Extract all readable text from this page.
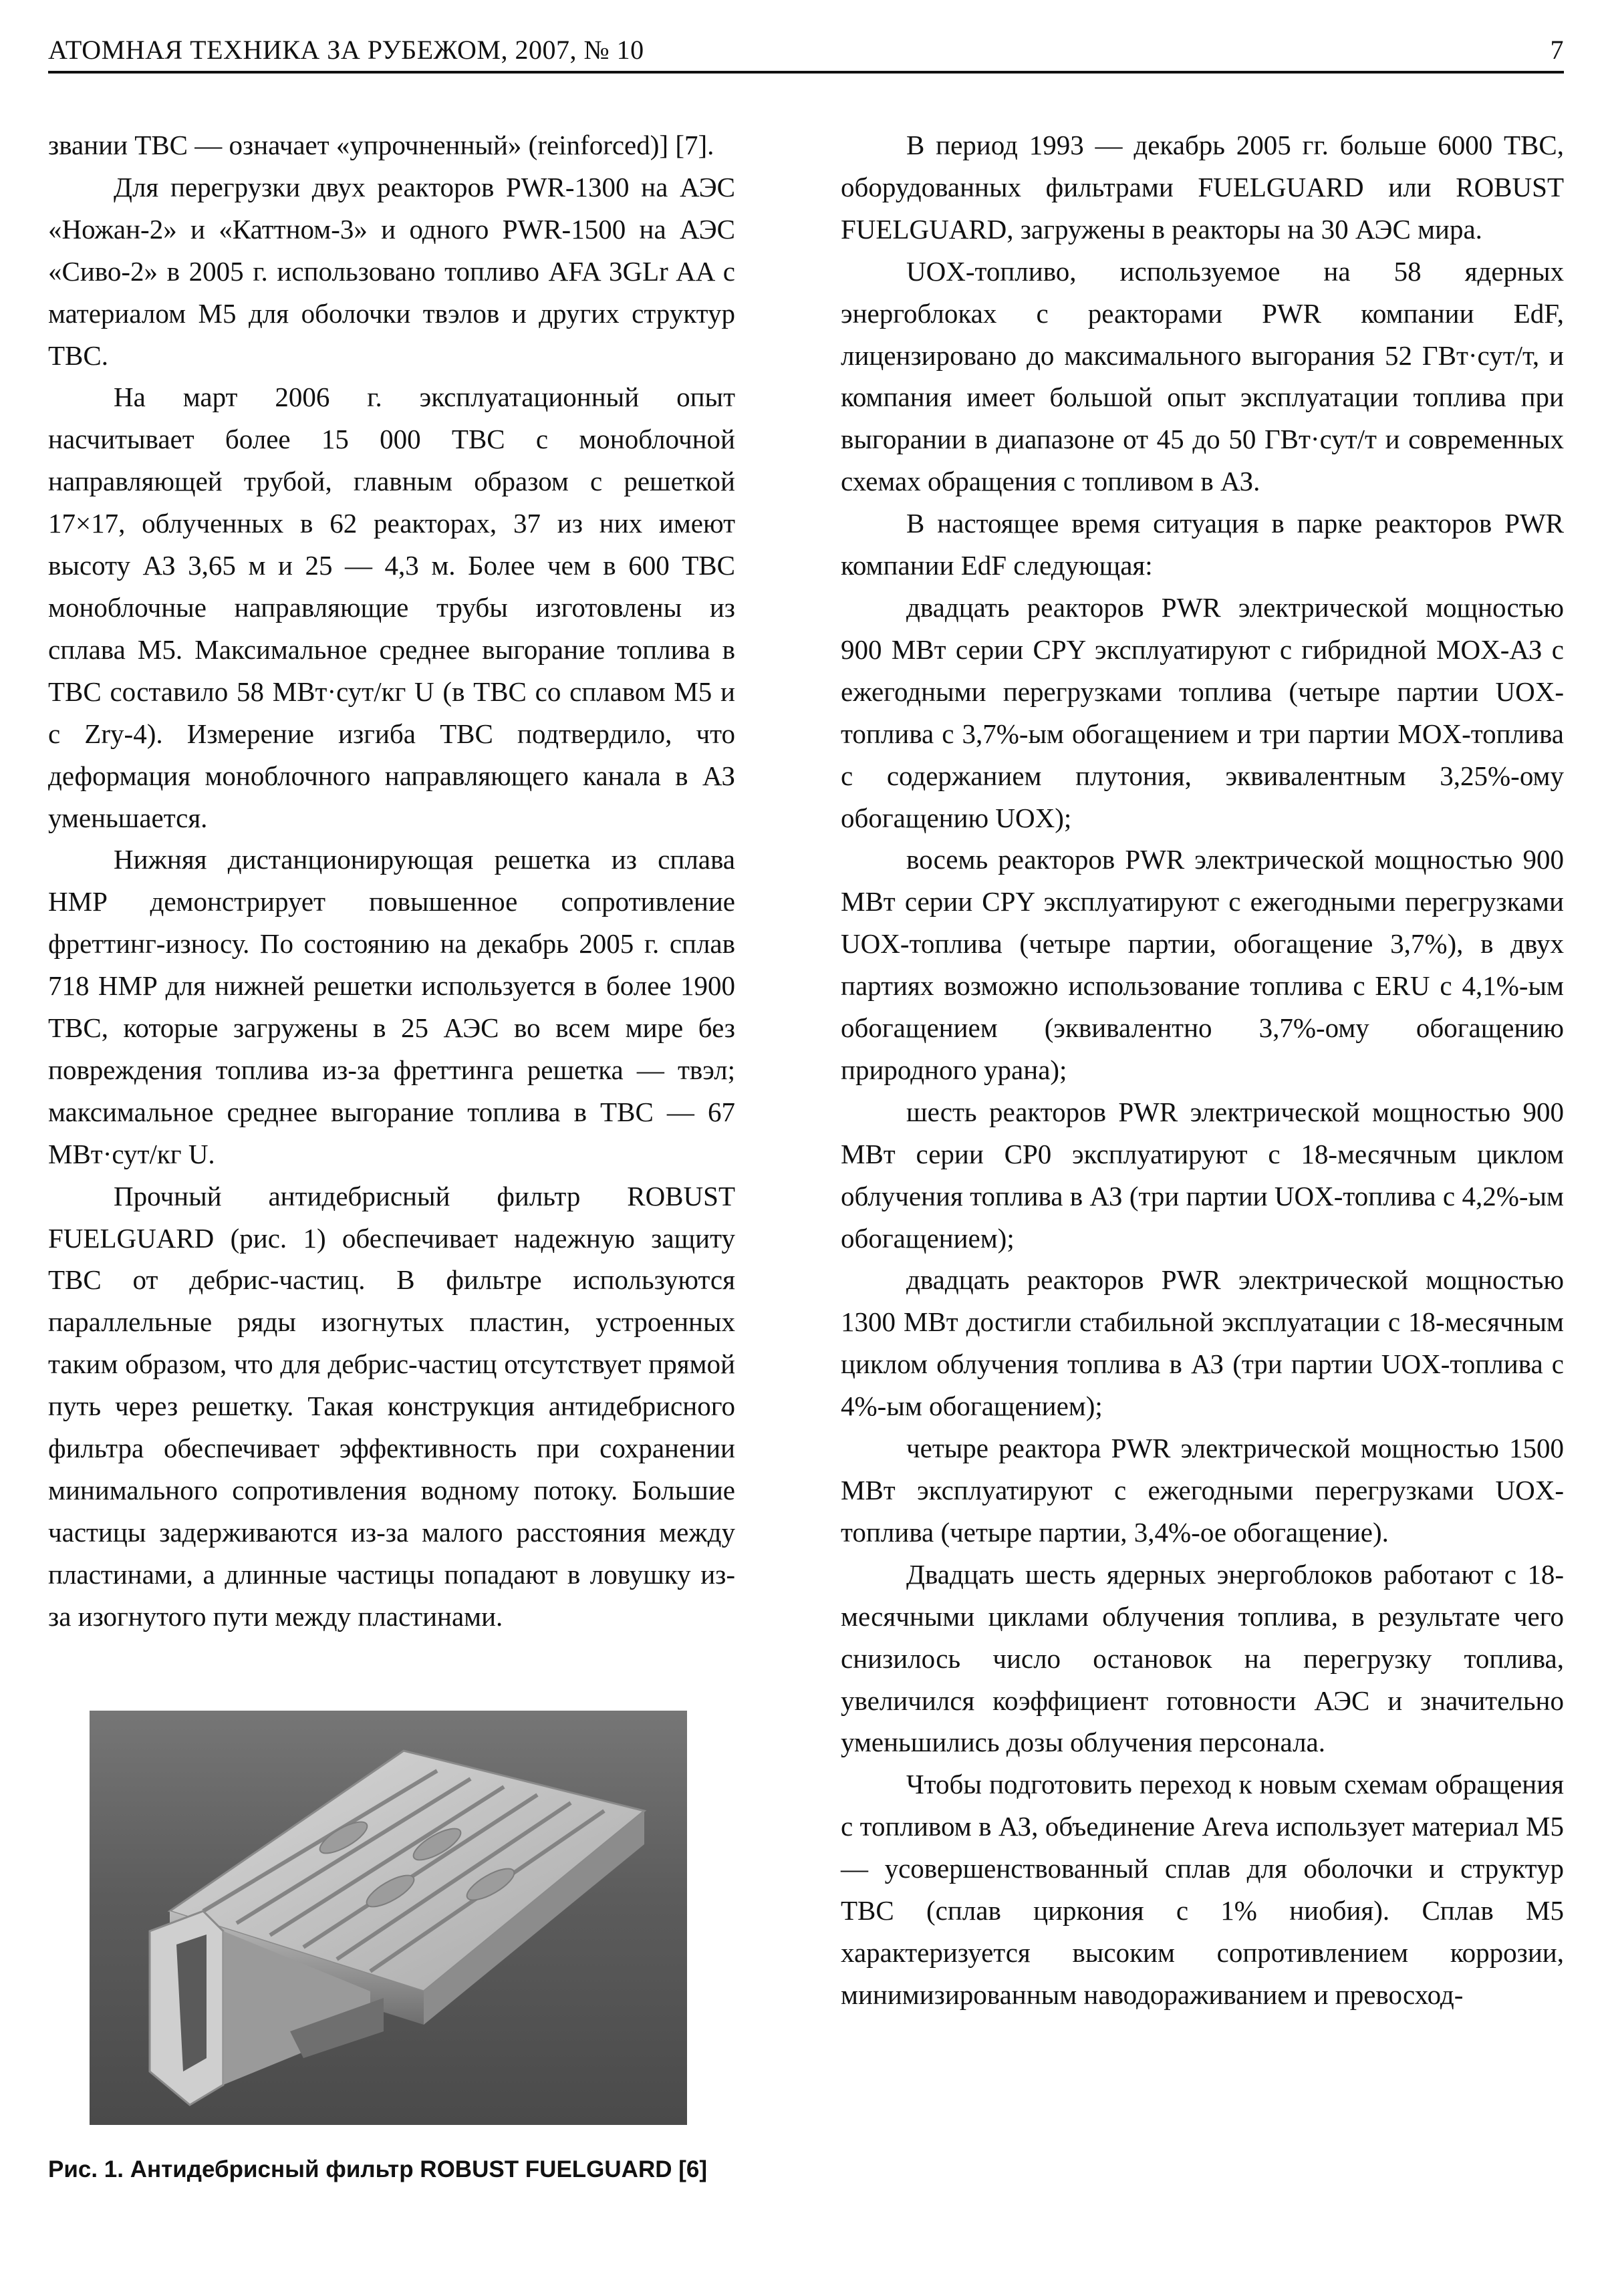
АТОМНАЯ ТЕХНИКА ЗА РУБЕЖОМ, 2007, № 10	7

звании ТВС — означает «упрочненный» (reinforced)] [7].

Для перегрузки двух реакторов PWR-1300 на АЭС «Ножан-2» и «Каттном-3» и одного PWR-1500 на АЭС «Сиво-2» в 2005 г. использовано топливо AFA 3GLr AA с материалом M5 для оболочки твэлов и других структур ТВС.

На март 2006 г. эксплуатационный опыт насчитывает более 15 000 ТВС с моноблочной направляющей трубой, главным образом с решеткой 17×17, облученных в 62 реакторах, 37 из них имеют высоту АЗ 3,65 м и 25 — 4,3 м. Более чем в 600 ТВС моноблочные направляющие трубы изготовлены из сплава M5. Максимальное среднее выгорание топлива в ТВС составило 58 МВт·сут/кг U (в ТВС со сплавом M5 и с Zry-4). Измерение изгиба ТВС подтвердило, что деформация моноблочного направляющего канала в АЗ уменьшается.

Нижняя дистанционирующая решетка из сплава HMP демонстрирует повышенное сопротивление фреттинг-износу. По состоянию на декабрь 2005 г. сплав 718 HMP для нижней решетки используется в более 1900 ТВС, которые загружены в 25 АЭС во всем мире без повреждения топлива из-за фреттинга решетка — твэл; максимальное среднее выгорание топлива в ТВС — 67 МВт·сут/кг U.

Прочный антидебрисный фильтр ROBUST FUELGUARD (рис. 1) обеспечивает надежную защиту ТВС от дебрис-частиц. В фильтре используются параллельные ряды изогнутых пластин, устроенных таким образом, что для дебрис-частиц отсутствует прямой путь через решетку. Такая конструкция антидебрисного фильтра обеспечивает эффективность при сохранении минимального сопротивления водному потоку. Большие частицы задерживаются из-за малого расстояния между пластинами, а длинные частицы попадают в ловушку из-за изогнутого пути между пластинами.

Рис. 1. Антидебрисный фильтр ROBUST FUELGUARD [6]

В период 1993 — декабрь 2005 гг. больше 6000 ТВС, оборудованных фильтрами FUELGUARD или ROBUST FUELGUARD, загружены в реакторы на 30 АЭС мира.

UOX-топливо, используемое на 58 ядерных энергоблоках с реакторами PWR компании EdF, лицензировано до максимального выгорания 52 ГВт·сут/т, и компания имеет большой опыт эксплуатации топлива при выгорании в диапазоне от 45 до 50 ГВт·сут/т и современных схемах обращения с топливом в АЗ.

В настоящее время ситуация в парке реакторов PWR компании EdF следующая:

двадцать реакторов PWR электрической мощностью 900 МВт серии CPY эксплуатируют с гибридной MOX-АЗ с ежегодными перегрузками топлива (четыре партии UOX-топлива с 3,7%-ым обогащением и три партии MOX-топлива с содержанием плутония, эквивалентным 3,25%-ому обогащению UOX);

восемь реакторов PWR электрической мощностью 900 МВт серии CPY эксплуатируют с ежегодными перегрузками UOX-топлива (четыре партии, обогащение 3,7%), в двух партиях возможно использование топлива с ERU с 4,1%-ым обогащением (эквивалентно 3,7%-ому обогащению природного урана);

шесть реакторов PWR электрической мощностью 900 МВт серии CP0 эксплуатируют с 18-месячным циклом облучения топлива в АЗ (три партии UOX-топлива с 4,2%-ым обогащением);

двадцать реакторов PWR электрической мощностью 1300 МВт достигли стабильной эксплуатации с 18-месячным циклом облучения топлива в АЗ (три партии UOX-топлива с 4%-ым обогащением);

четыре реактора PWR электрической мощностью 1500 МВт эксплуатируют с ежегодными перегрузками UOX-топлива (четыре партии, 3,4%-ое обогащение).

Двадцать шесть ядерных энергоблоков работают с 18-месячными циклами облучения топлива, в результате чего снизилось число остановок на перегрузку топлива, увеличился коэффициент готовности АЭС и значительно уменьшились дозы облучения персонала.

Чтобы подготовить переход к новым схемам обращения с топливом в АЗ, объединение Areva использует материал M5 — усовершенствованный сплав для оболочки и структур ТВС (сплав циркония с 1% ниобия). Сплав M5 характеризуется высоким сопротивлением коррозии, минимизированным наводораживанием и превосход-
